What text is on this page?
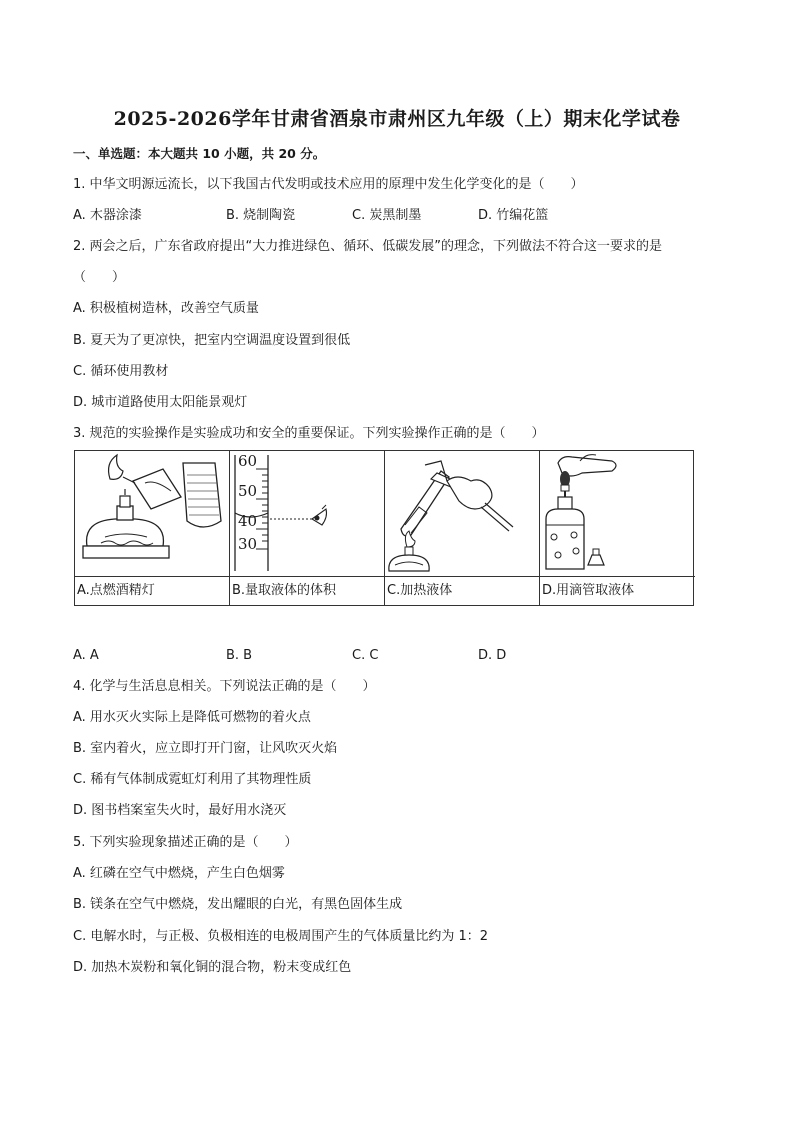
2025-2026学年甘肃省酒泉市肃州区九年级（上）期末化学试卷
一、单选题：本大题共 10 小题，共 20 分。
1. 中华文明源远流长，以下我国古代发明或技术应用的原理中发生化学变化的是（　　）
A. 木器涂漆	B. 烧制陶瓷	C. 炭黑制墨	D. 竹编花篮
2. 两会之后，广东省政府提出“大力推进绿色、循环、低碳发展”的理念，下列做法不符合这一要求的是
（　　）
A. 积极植树造林，改善空气质量
B. 夏天为了更凉快，把室内空调温度设置到很低
C. 循环使用教材
D. 城市道路使用太阳能景观灯
3. 规范的实验操作是实验成功和安全的重要保证。下列实验操作正确的是（　　）
A.点燃酒精灯
60
50
40
30
B.量取液体的体积	C.加热液体	D.用滴管取液体
A. A	B. B	C. C	D. D
4. 化学与生活息息相关。下列说法正确的是（　　）
A. 用水灭火实际上是降低可燃物的着火点
B. 室内着火，应立即打开门窗，让风吹灭火焰
C. 稀有气体制成霓虹灯利用了其物理性质
D. 图书档案室失火时，最好用水浇灭
5. 下列实验现象描述正确的是（　　）
A. 红磷在空气中燃烧，产生白色烟雾
B. 镁条在空气中燃烧，发出耀眼的白光，有黑色固体生成
C. 电解水时，与正极、负极相连的电极周围产生的气体质量比约为 1：2
D. 加热木炭粉和氧化铜的混合物，粉末变成红色
